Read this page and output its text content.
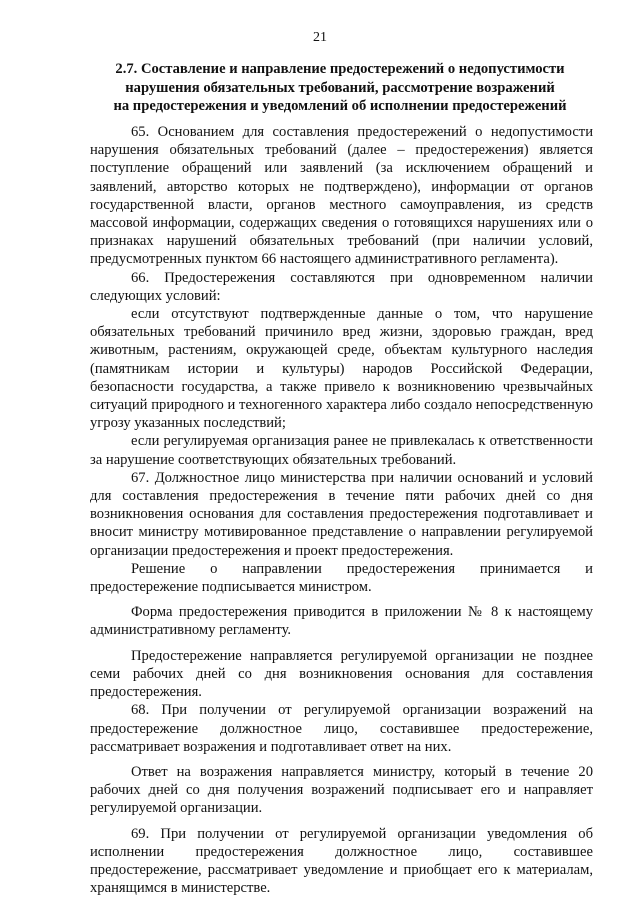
21
2.7. Составление и направление предостережений о недопустимости
нарушения обязательных требований, рассмотрение возражений
на предостережения и уведомлений об исполнении предостережений

65. Основанием для составления предостережений о недопустимости нарушения обязательных требований (далее – предостережения) является поступление обращений или заявлений (за исключением обращений и заявлений, авторство которых не подтверждено), информации от органов государственной власти, органов местного самоуправления, из средств массовой информации, содержащих сведения о готовящихся нарушениях или о признаках нарушений обязательных требований (при наличии условий, предусмотренных пунктом 66 настоящего административного регламента).

66. Предостережения составляются при одновременном наличии следующих условий:

если отсутствуют подтвержденные данные о том, что нарушение обязательных требований причинило вред жизни, здоровью граждан, вред животным, растениям, окружающей среде, объектам культурного наследия (памятникам истории и культуры) народов Российской Федерации, безопасности государства, а также привело к возникновению чрезвычайных ситуаций природного и техногенного характера либо создало непосредственную угрозу указанных последствий;

если регулируемая организация ранее не привлекалась к ответственности за нарушение соответствующих обязательных требований.

67. Должностное лицо министерства при наличии оснований и условий для составления предостережения в течение пяти рабочих дней со дня возникновения основания для составления предостережения подготавливает и вносит министру мотивированное представление о направлении регулируемой организации предостережения и проект предостережения.

Решение о направлении предостережения принимается и предостережение подписывается министром.

Форма предостережения приводится в приложении № 8 к настоящему административному регламенту.

Предостережение направляется регулируемой организации не позднее семи рабочих дней со дня возникновения основания для составления предостережения.

68. При получении от регулируемой организации возражений на предостережение должностное лицо, составившее предостережение, рассматривает возражения и подготавливает ответ на них.

Ответ на возражения направляется министру, который в течение 20 рабочих дней со дня получения возражений подписывает его и направляет регулируемой организации.

69. При получении от регулируемой организации уведомления об исполнении предостережения должностное лицо, составившее предостережение, рассматривает уведомление и приобщает его к материалам, хранящимся в министерстве.
